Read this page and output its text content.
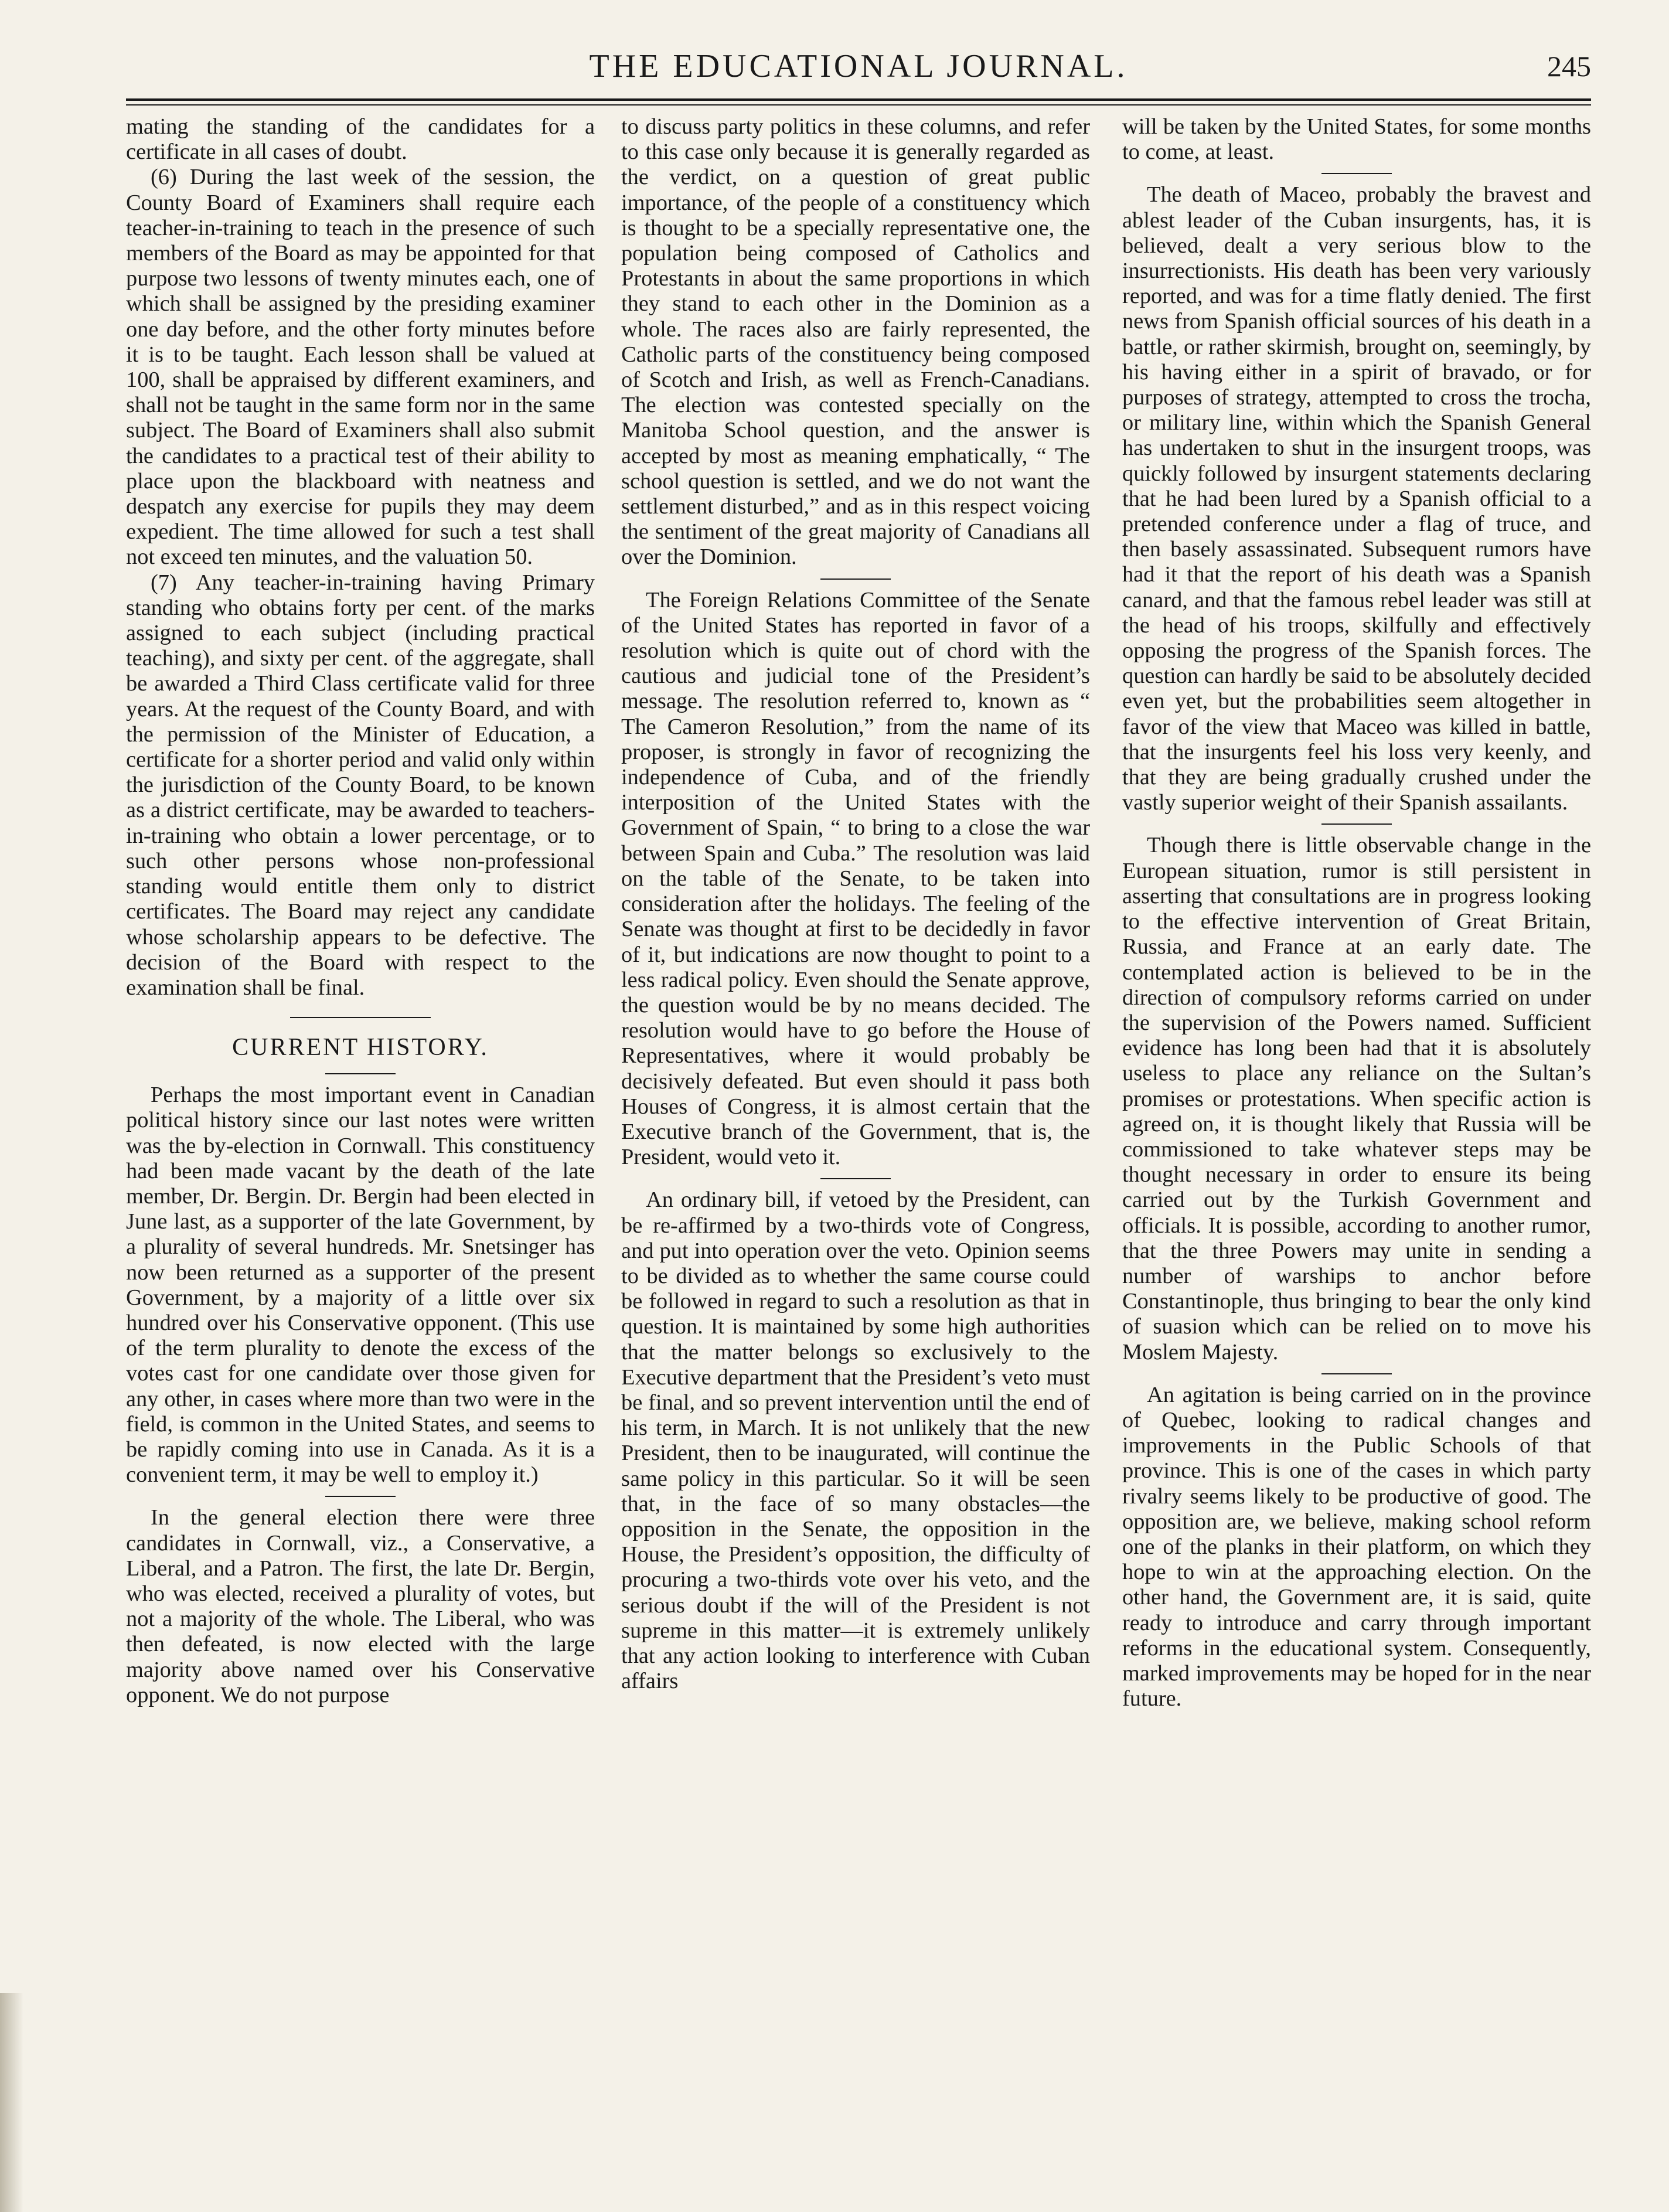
THE EDUCATIONAL JOURNAL.	245

mating the standing of the candidates for a certificate in all cases of doubt.

(6) During the last week of the session, the County Board of Examiners shall require each teacher-in-training to teach in the presence of such members of the Board as may be appointed for that purpose two lessons of twenty minutes each, one of which shall be assigned by the presiding examiner one day before, and the other forty minutes before it is to be taught. Each lesson shall be valued at 100, shall be appraised by different examiners, and shall not be taught in the same form nor in the same subject. The Board of Examiners shall also submit the candidates to a practical test of their ability to place upon the blackboard with neatness and despatch any exercise for pupils they may deem expedient. The time allowed for such a test shall not exceed ten minutes, and the valuation 50.

(7) Any teacher-in-training having Primary standing who obtains forty per cent. of the marks assigned to each subject (including practical teaching), and sixty per cent. of the aggregate, shall be awarded a Third Class certificate valid for three years. At the request of the County Board, and with the permission of the Minister of Education, a certificate for a shorter period and valid only within the jurisdiction of the County Board, to be known as a district certificate, may be awarded to teachers-in-training who obtain a lower percentage, or to such other persons whose non-professional standing would entitle them only to district certificates. The Board may reject any candidate whose scholarship appears to be defective. The decision of the Board with respect to the examination shall be final.

CURRENT HISTORY.

Perhaps the most important event in Canadian political history since our last notes were written was the by-election in Cornwall. This constituency had been made vacant by the death of the late member, Dr. Bergin. Dr. Bergin had been elected in June last, as a supporter of the late Government, by a plurality of several hundreds. Mr. Snetsinger has now been returned as a supporter of the present Government, by a majority of a little over six hundred over his Conservative opponent. (This use of the term plurality to denote the excess of the votes cast for one candidate over those given for any other, in cases where more than two were in the field, is common in the United States, and seems to be rapidly coming into use in Canada. As it is a convenient term, it may be well to employ it.)

In the general election there were three candidates in Cornwall, viz., a Conservative, a Liberal, and a Patron. The first, the late Dr. Bergin, who was elected, received a plurality of votes, but not a majority of the whole. The Liberal, who was then defeated, is now elected with the large majority above named over his Conservative opponent. We do not purpose

to discuss party politics in these columns, and refer to this case only because it is generally regarded as the verdict, on a question of great public importance, of the people of a constituency which is thought to be a specially representative one, the population being composed of Catholics and Protestants in about the same proportions in which they stand to each other in the Dominion as a whole. The races also are fairly represented, the Catholic parts of the constituency being composed of Scotch and Irish, as well as French-Canadians. The election was contested specially on the Manitoba School question, and the answer is accepted by most as meaning emphatically, “ The school question is settled, and we do not want the settlement disturbed,” and as in this respect voicing the sentiment of the great majority of Canadians all over the Dominion.

The Foreign Relations Committee of the Senate of the United States has reported in favor of a resolution which is quite out of chord with the cautious and judicial tone of the President’s message. The resolution referred to, known as “ The Cameron Resolution,” from the name of its proposer, is strongly in favor of recognizing the independence of Cuba, and of the friendly interposition of the United States with the Government of Spain, “ to bring to a close the war between Spain and Cuba.” The resolution was laid on the table of the Senate, to be taken into consideration after the holidays. The feeling of the Senate was thought at first to be decidedly in favor of it, but indications are now thought to point to a less radical policy. Even should the Senate approve, the question would be by no means decided. The resolution would have to go before the House of Representatives, where it would probably be decisively defeated. But even should it pass both Houses of Congress, it is almost certain that the Executive branch of the Government, that is, the President, would veto it.

An ordinary bill, if vetoed by the President, can be re-affirmed by a two-thirds vote of Congress, and put into operation over the veto. Opinion seems to be divided as to whether the same course could be followed in regard to such a resolution as that in question. It is maintained by some high authorities that the matter belongs so exclusively to the Executive department that the President’s veto must be final, and so prevent intervention until the end of his term, in March. It is not unlikely that the new President, then to be inaugurated, will continue the same policy in this particular. So it will be seen that, in the face of so many obstacles—the opposition in the Senate, the opposition in the House, the President’s opposition, the difficulty of procuring a two-thirds vote over his veto, and the serious doubt if the will of the President is not supreme in this matter—it is extremely unlikely that any action looking to interference with Cuban affairs

will be taken by the United States, for some months to come, at least.

The death of Maceo, probably the bravest and ablest leader of the Cuban insurgents, has, it is believed, dealt a very serious blow to the insurrectionists. His death has been very variously reported, and was for a time flatly denied. The first news from Spanish official sources of his death in a battle, or rather skirmish, brought on, seemingly, by his having either in a spirit of bravado, or for purposes of strategy, attempted to cross the trocha, or military line, within which the Spanish General has undertaken to shut in the insurgent troops, was quickly followed by insurgent statements declaring that he had been lured by a Spanish official to a pretended conference under a flag of truce, and then basely assassinated. Subsequent rumors have had it that the report of his death was a Spanish canard, and that the famous rebel leader was still at the head of his troops, skilfully and effectively opposing the progress of the Spanish forces. The question can hardly be said to be absolutely decided even yet, but the probabilities seem altogether in favor of the view that Maceo was killed in battle, that the insurgents feel his loss very keenly, and that they are being gradually crushed under the vastly superior weight of their Spanish assailants.

Though there is little observable change in the European situation, rumor is still persistent in asserting that consultations are in progress looking to the effective intervention of Great Britain, Russia, and France at an early date. The contemplated action is believed to be in the direction of compulsory reforms carried on under the supervision of the Powers named. Sufficient evidence has long been had that it is absolutely useless to place any reliance on the Sultan’s promises or protestations. When specific action is agreed on, it is thought likely that Russia will be commissioned to take whatever steps may be thought necessary in order to ensure its being carried out by the Turkish Government and officials. It is possible, according to another rumor, that the three Powers may unite in sending a number of warships to anchor before Constantinople, thus bringing to bear the only kind of suasion which can be relied on to move his Moslem Majesty.

An agitation is being carried on in the province of Quebec, looking to radical changes and improvements in the Public Schools of that province. This is one of the cases in which party rivalry seems likely to be productive of good. The opposition are, we believe, making school reform one of the planks in their platform, on which they hope to win at the approaching election. On the other hand, the Government are, it is said, quite ready to introduce and carry through important reforms in the educational system. Consequently, marked improvements may be hoped for in the near future.
